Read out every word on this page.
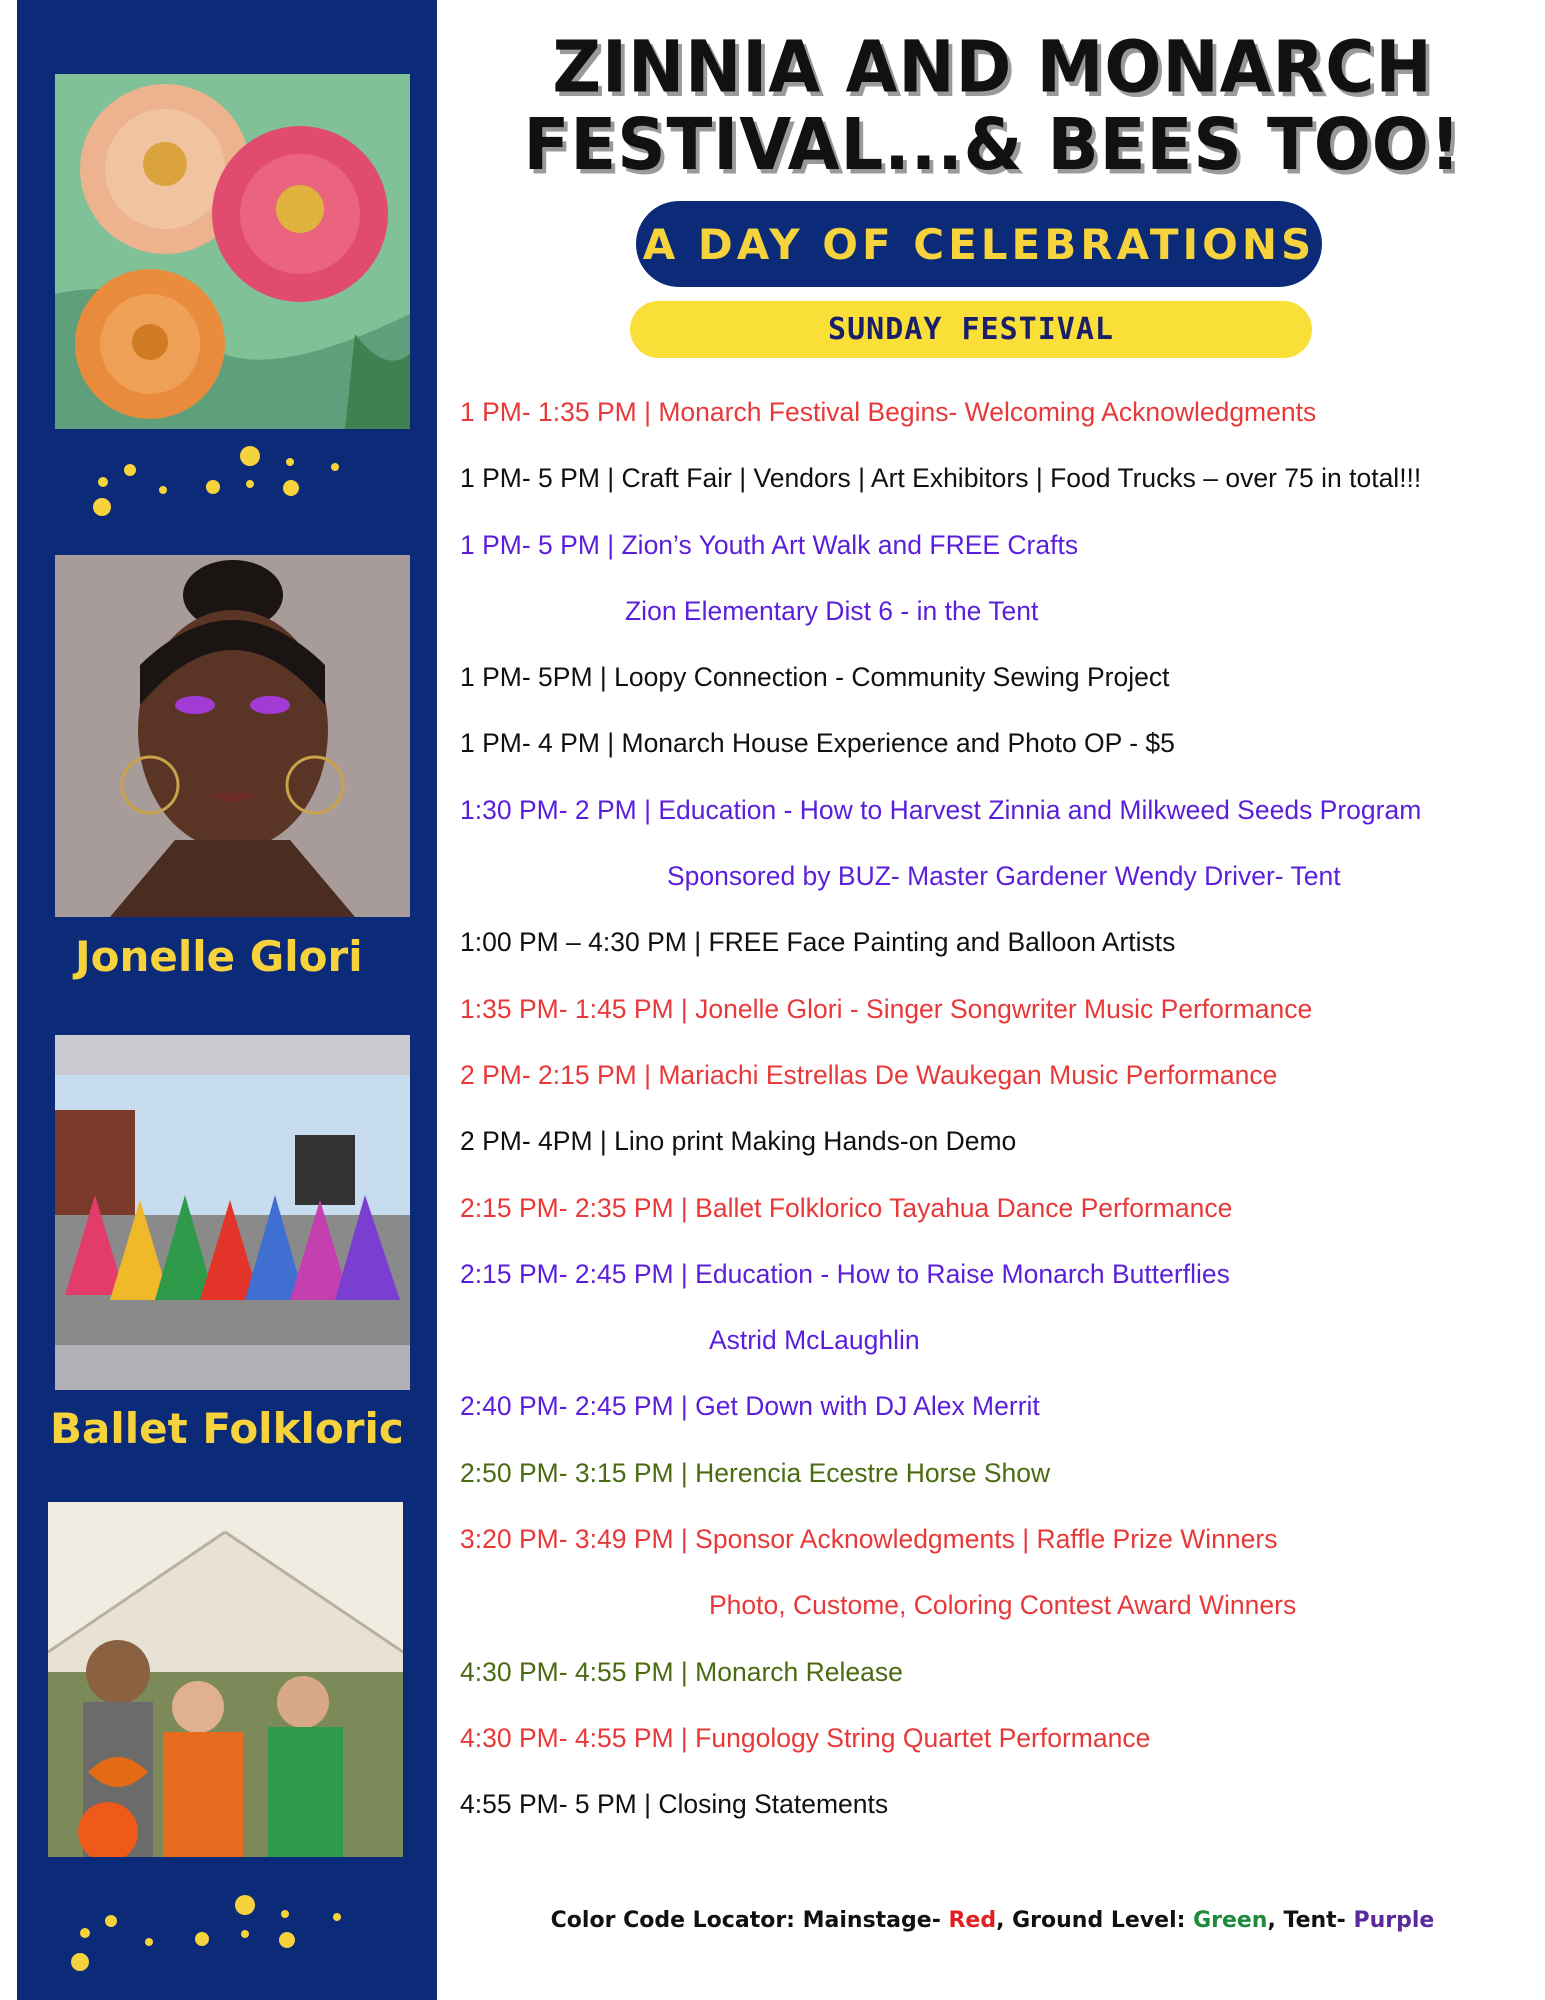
Jonelle Glori
Ballet Folkloric
ZINNIA AND MONARCH
FESTIVAL...& BEES TOO!
A DAY OF CELEBRATIONS
SUNDAY FESTIVAL
1 PM- 1:35 PM | Monarch Festival Begins- Welcoming Acknowledgments
1 PM- 5 PM | Craft Fair | Vendors | Art Exhibitors | Food Trucks – over 75 in total!!!
1 PM- 5 PM | Zion’s Youth Art Walk and FREE Crafts
Zion Elementary Dist 6 - in the Tent
1 PM- 5PM | Loopy Connection - Community Sewing Project
1 PM- 4 PM | Monarch House Experience and Photo OP - $5
1:30 PM- 2 PM | Education - How to Harvest Zinnia and Milkweed Seeds Program
Sponsored by BUZ- Master Gardener Wendy Driver- Tent
1:00 PM – 4:30 PM | FREE Face Painting and Balloon Artists
1:35 PM- 1:45 PM | Jonelle Glori - Singer Songwriter Music Performance
2 PM- 2:15 PM | Mariachi Estrellas De Waukegan Music Performance
2 PM- 4PM | Lino print Making Hands-on Demo
2:15 PM- 2:35 PM | Ballet Folklorico Tayahua Dance Performance
2:15 PM- 2:45 PM | Education - How to Raise Monarch Butterflies
Astrid McLaughlin
2:40 PM- 2:45 PM | Get Down with DJ Alex Merrit
2:50 PM- 3:15 PM | Herencia Ecestre Horse Show
3:20 PM- 3:49 PM | Sponsor Acknowledgments | Raffle Prize Winners
Photo, Custome, Coloring Contest Award Winners
4:30 PM- 4:55 PM | Monarch Release
4:30 PM- 4:55 PM | Fungology String Quartet Performance
4:55 PM- 5 PM | Closing Statements
Color Code Locator: Mainstage- Red, Ground Level: Green, Tent- Purple
